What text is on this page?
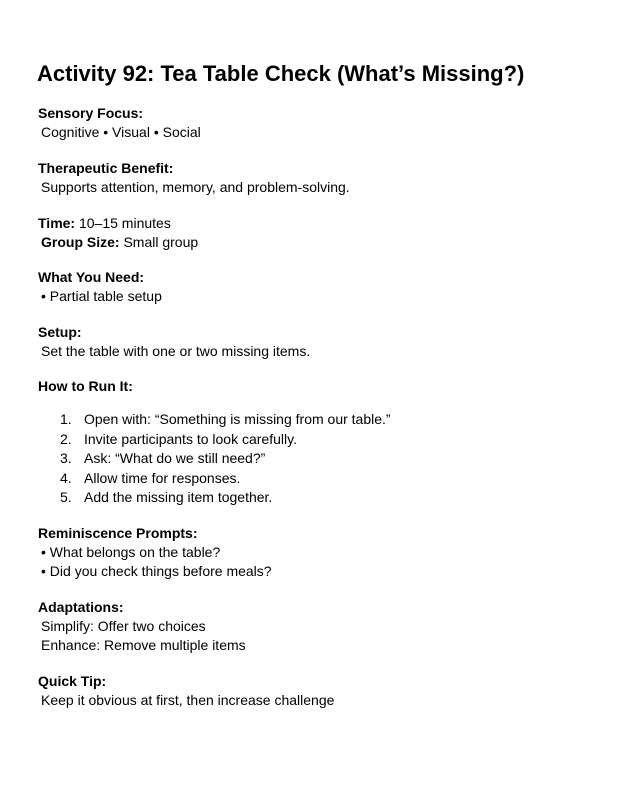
Activity 92: Tea Table Check (What’s Missing?)

Sensory Focus:

Cognitive • Visual • Social

Therapeutic Benefit:

Supports attention, memory, and problem-solving.

Time: 10–15 minutes

Group Size: Small group

What You Need:

• Partial table setup

Setup:

Set the table with one or two missing items.

How to Run It:

1. Open with: “Something is missing from our table.”
2. Invite participants to look carefully.
3. Ask: “What do we still need?”
4. Allow time for responses.
5. Add the missing item together.

Reminiscence Prompts:

• What belongs on the table?

• Did you check things before meals?

Adaptations:

Simplify: Offer two choices

Enhance: Remove multiple items

Quick Tip:

Keep it obvious at first, then increase challenge
